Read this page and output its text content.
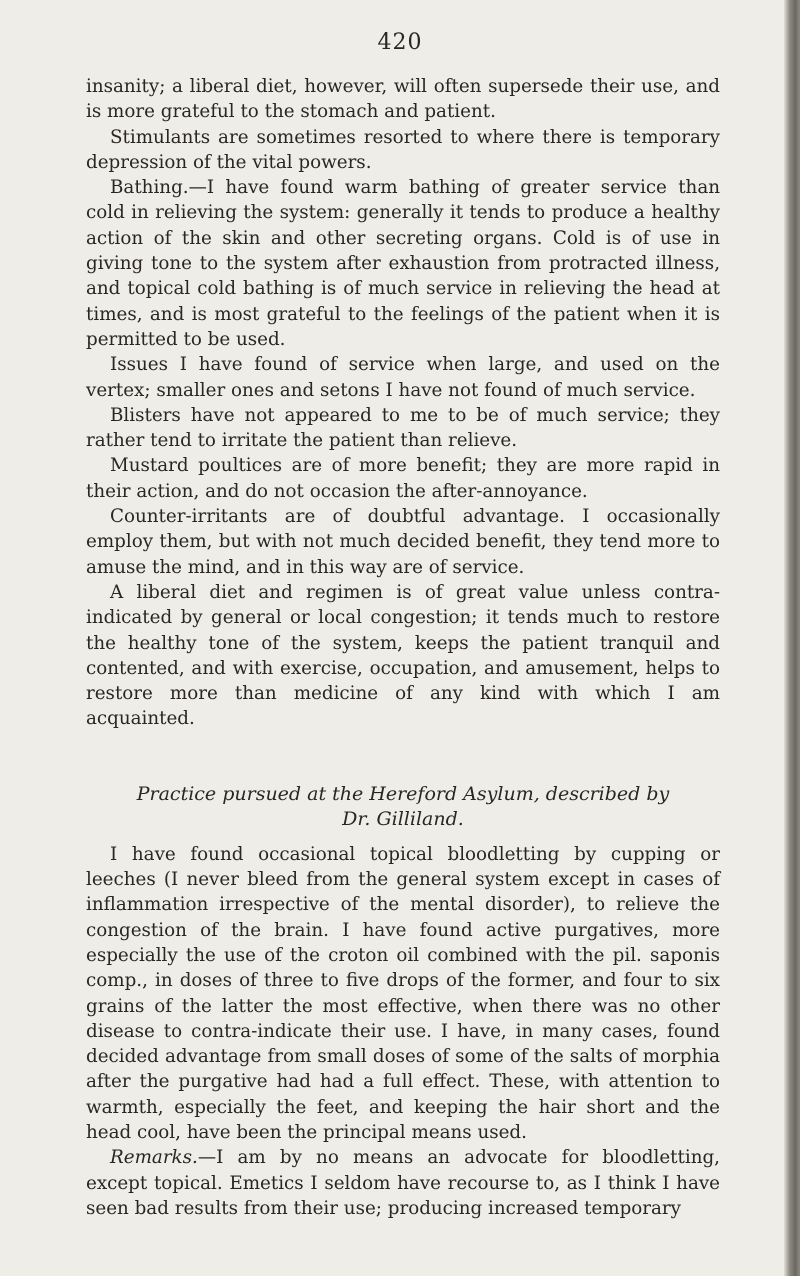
420

insanity; a liberal diet, however, will often supersede their use, and is more grateful to the stomach and patient.

Stimulants are sometimes resorted to where there is temporary depression of the vital powers.

Bathing.—I have found warm bathing of greater service than cold in relieving the system: generally it tends to produce a healthy action of the skin and other secreting organs. Cold is of use in giving tone to the system after exhaustion from protracted illness, and topical cold bathing is of much service in relieving the head at times, and is most grateful to the feelings of the patient when it is permitted to be used.

Issues I have found of service when large, and used on the vertex; smaller ones and setons I have not found of much service.

Blisters have not appeared to me to be of much service; they rather tend to irritate the patient than relieve.

Mustard poultices are of more benefit; they are more rapid in their action, and do not occasion the after-annoyance.

Counter-irritants are of doubtful advantage. I occasionally employ them, but with not much decided benefit, they tend more to amuse the mind, and in this way are of service.

A liberal diet and regimen is of great value unless contra-indicated by general or local congestion; it tends much to restore the healthy tone of the system, keeps the patient tranquil and contented, and with exercise, occupation, and amusement, helps to restore more than medicine of any kind with which I am acquainted.

Practice pursued at the Hereford Asylum, described by
Dr. Gilliland.

I have found occasional topical bloodletting by cupping or leeches (I never bleed from the general system except in cases of inflammation irrespective of the mental disorder), to relieve the congestion of the brain. I have found active purgatives, more especially the use of the croton oil combined with the pil. saponis comp., in doses of three to five drops of the former, and four to six grains of the latter the most effective, when there was no other disease to contra-indicate their use. I have, in many cases, found decided advantage from small doses of some of the salts of morphia after the purgative had had a full effect. These, with attention to warmth, especially the feet, and keeping the hair short and the head cool, have been the principal means used.

Remarks.—I am by no means an advocate for bloodletting, except topical. Emetics I seldom have recourse to, as I think I have seen bad results from their use; producing increased temporary
